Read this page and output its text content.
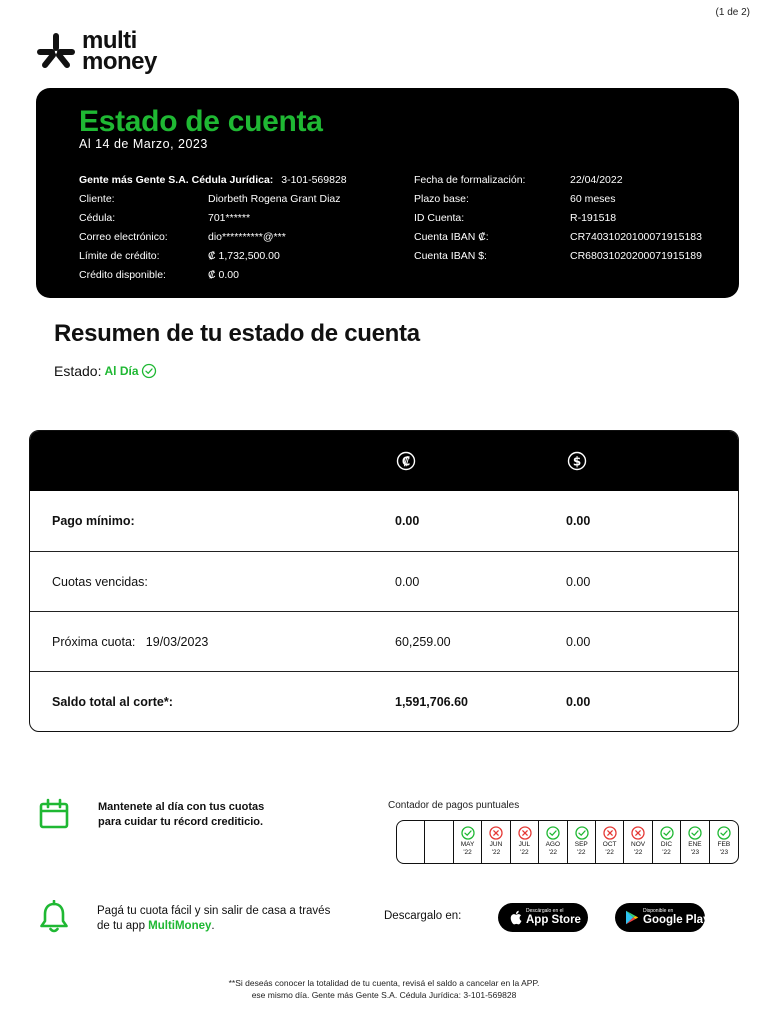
(1 de 2)
multi
money
Estado de cuenta
Al 14 de Marzo, 2023
Gente más Gente S.A. Cédula Jurídica: 3-101-569828
Cliente:	Diorbeth Rogena Grant Diaz
Cédula:	701******
Correo electrónico:	dio**********@***
Límite de crédito:	₡ 1,732,500.00
Crédito disponible:	₡ 0.00
Fecha de formalización:	22/04/2022
Plazo base:	60 meses
ID Cuenta:	R-191518
Cuenta IBAN ₡:	CR74031020100071915183
Cuenta IBAN $:	CR68031020200071915189
Resumen de tu estado de cuenta
Estado: Al Día
₡	$
Pago mínimo:	0.00	0.00
Cuotas vencidas:	0.00	0.00
Próxima cuota:   19/03/2023	60,259.00	0.00
Saldo total al corte*:	1,591,706.60	0.00
Mantenete al día con tus cuotas
para cuidar tu récord crediticio.
Contador de pagos puntuales
MAY
'22
JUN
'22
JUL
'22
AGO
'22
SEP
'22
OCT
'22
NOV
'22
DIC
'22
ENE
'23
FEB
'23
Pagá tu cuota fácil y sin salir de casa a través
de tu app MultiMoney.
Descargalo en:	Descárgalo en el
App Store
Disponible en
Google Play
**Si deseás conocer la totalidad de tu cuenta, revisá el saldo a cancelar en la APP.
ese mismo día. Gente más Gente S.A. Cédula Jurídica: 3-101-569828
